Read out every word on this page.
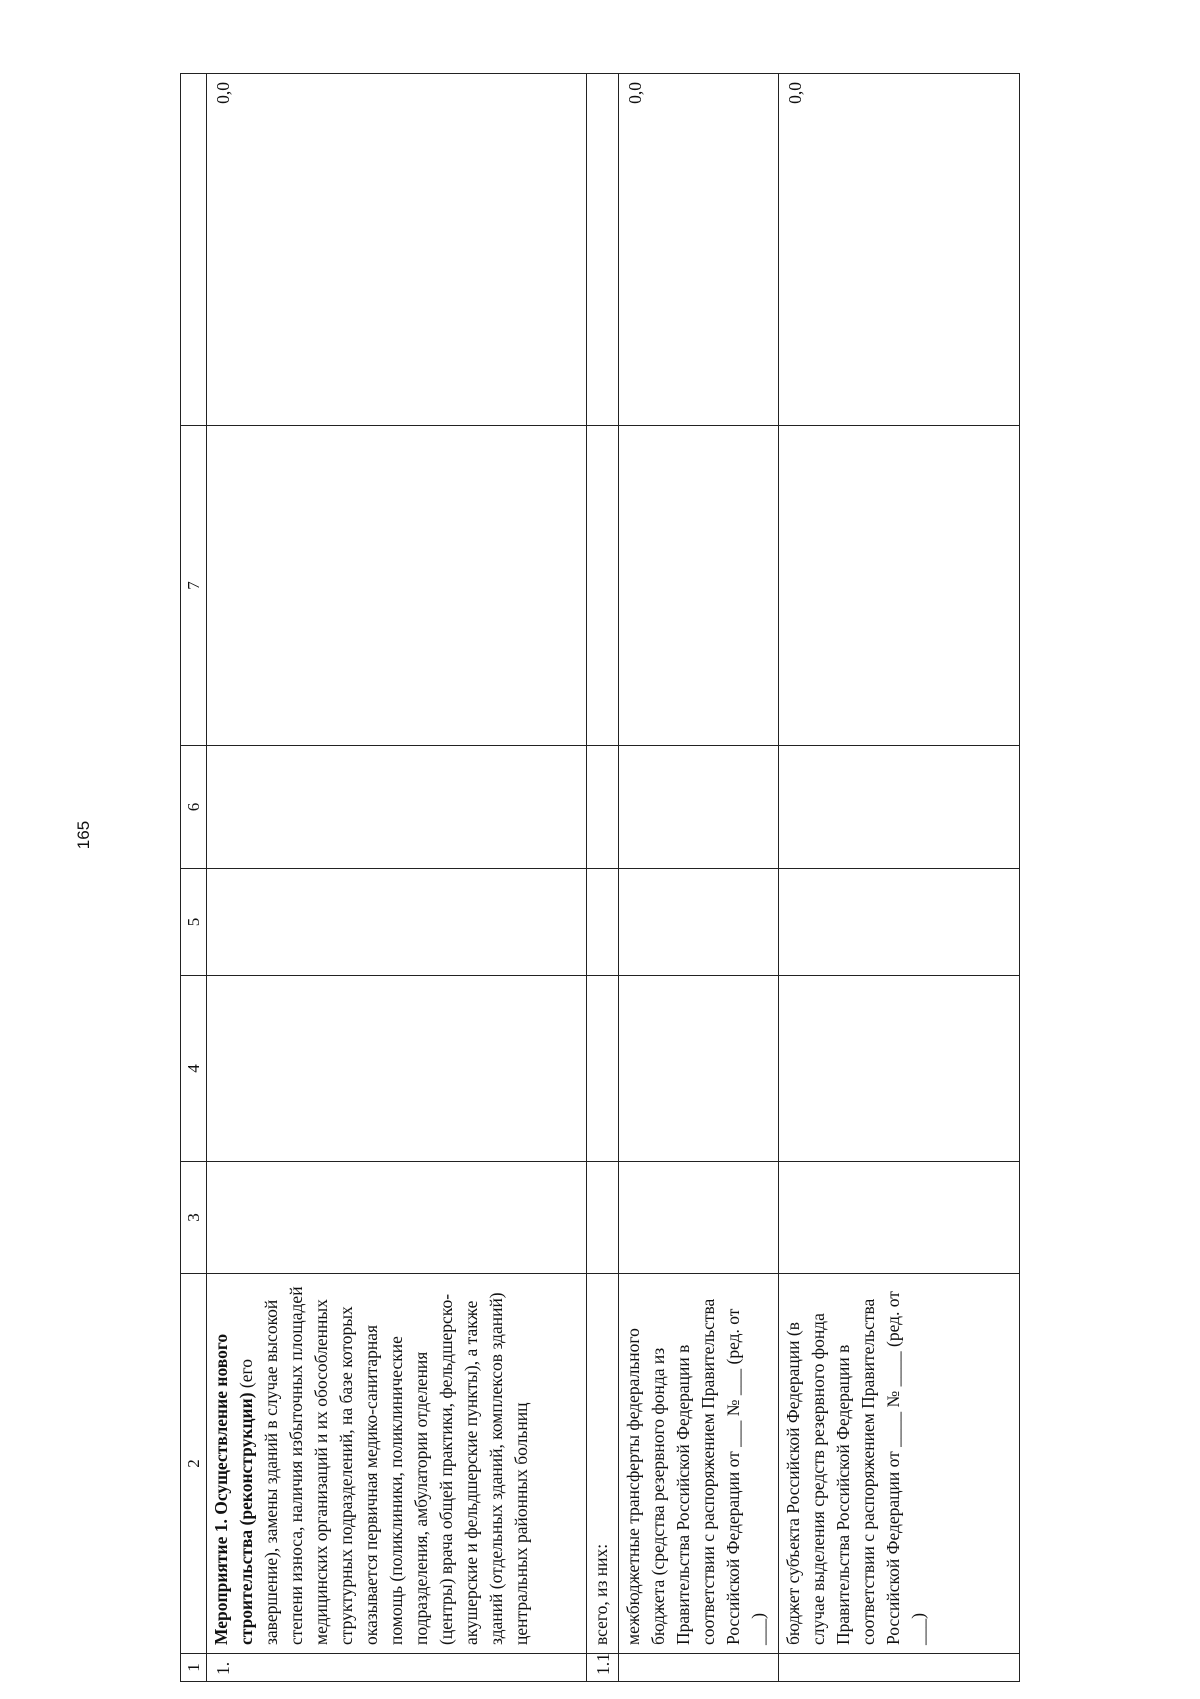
165
1	2	3	4	5	6	7	
1.	Мероприятие 1. Осуществление нового строительства (реконструкции) (его завершение), замены зданий в случае высокой степени износа, наличия избыточных площадей медицинских организаций и их обособленных структурных подразделений, на базе которых оказывается первичная медико-санитарная помощь (поликлиники, поликлинические подразделения, амбулатории отделения (центры) врача общей практики, фельдшерско-акушерские и фельдшерские пункты), а также зданий (отдельных зданий, комплексов зданий) центральных районных больниц						0,0
1.1	всего, из них:						
	межбюджетные трансферты федерального бюджета (средства резервного фонда из Правительства Российской Федерации в соответствии с распоряжением Правительства Российской Федерации от ___ № ___ (ред. от ___)						0,0
	бюджет субъекта Российской Федерации (в случае выделения средств резервного фонда Правительства Российской Федерации в соответствии с распоряжением Правительства Российской Федерации от ____ № ____ (ред. от ___)						0,0
